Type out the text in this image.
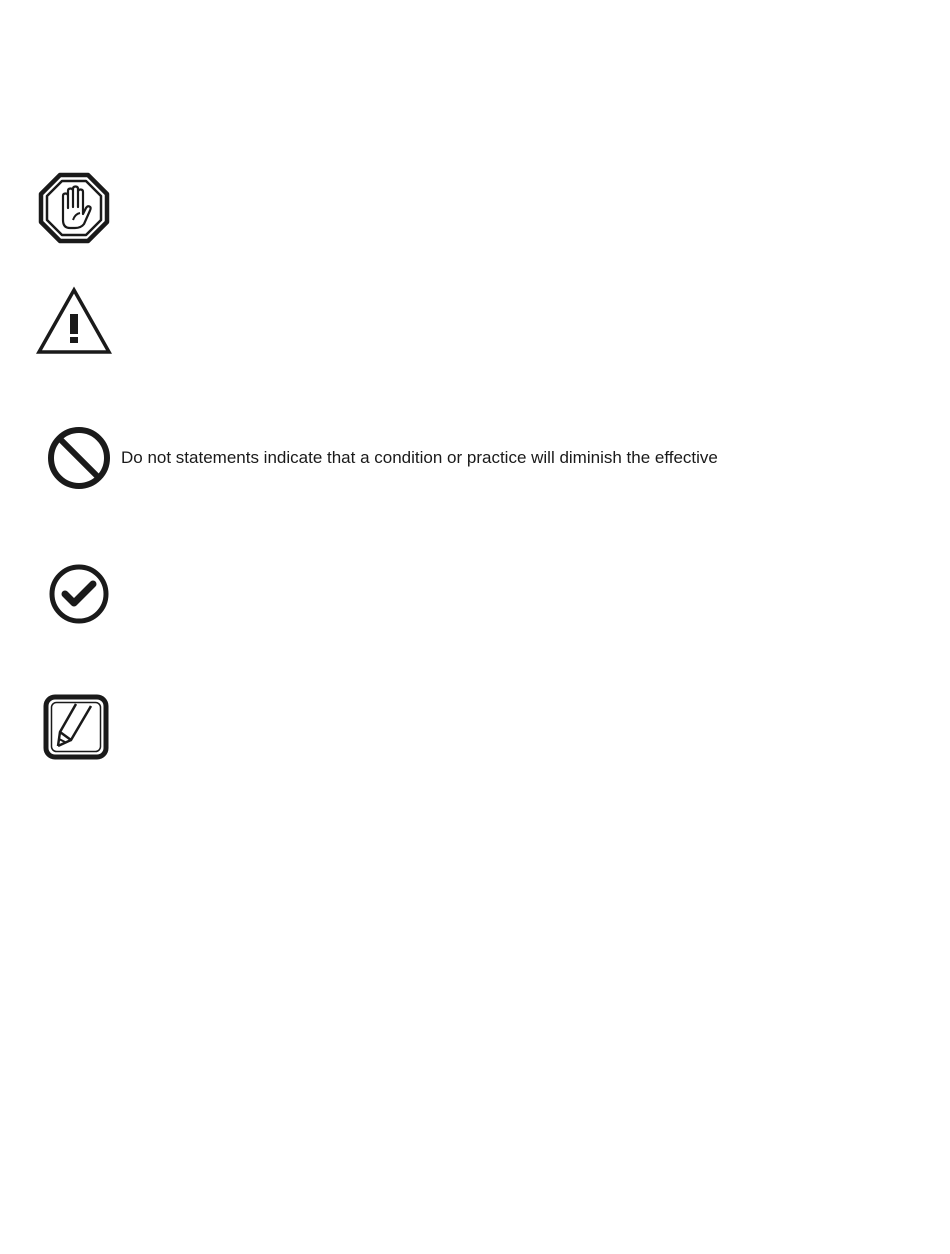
Do not statements indicate that a condition or practice will diminish the effective
